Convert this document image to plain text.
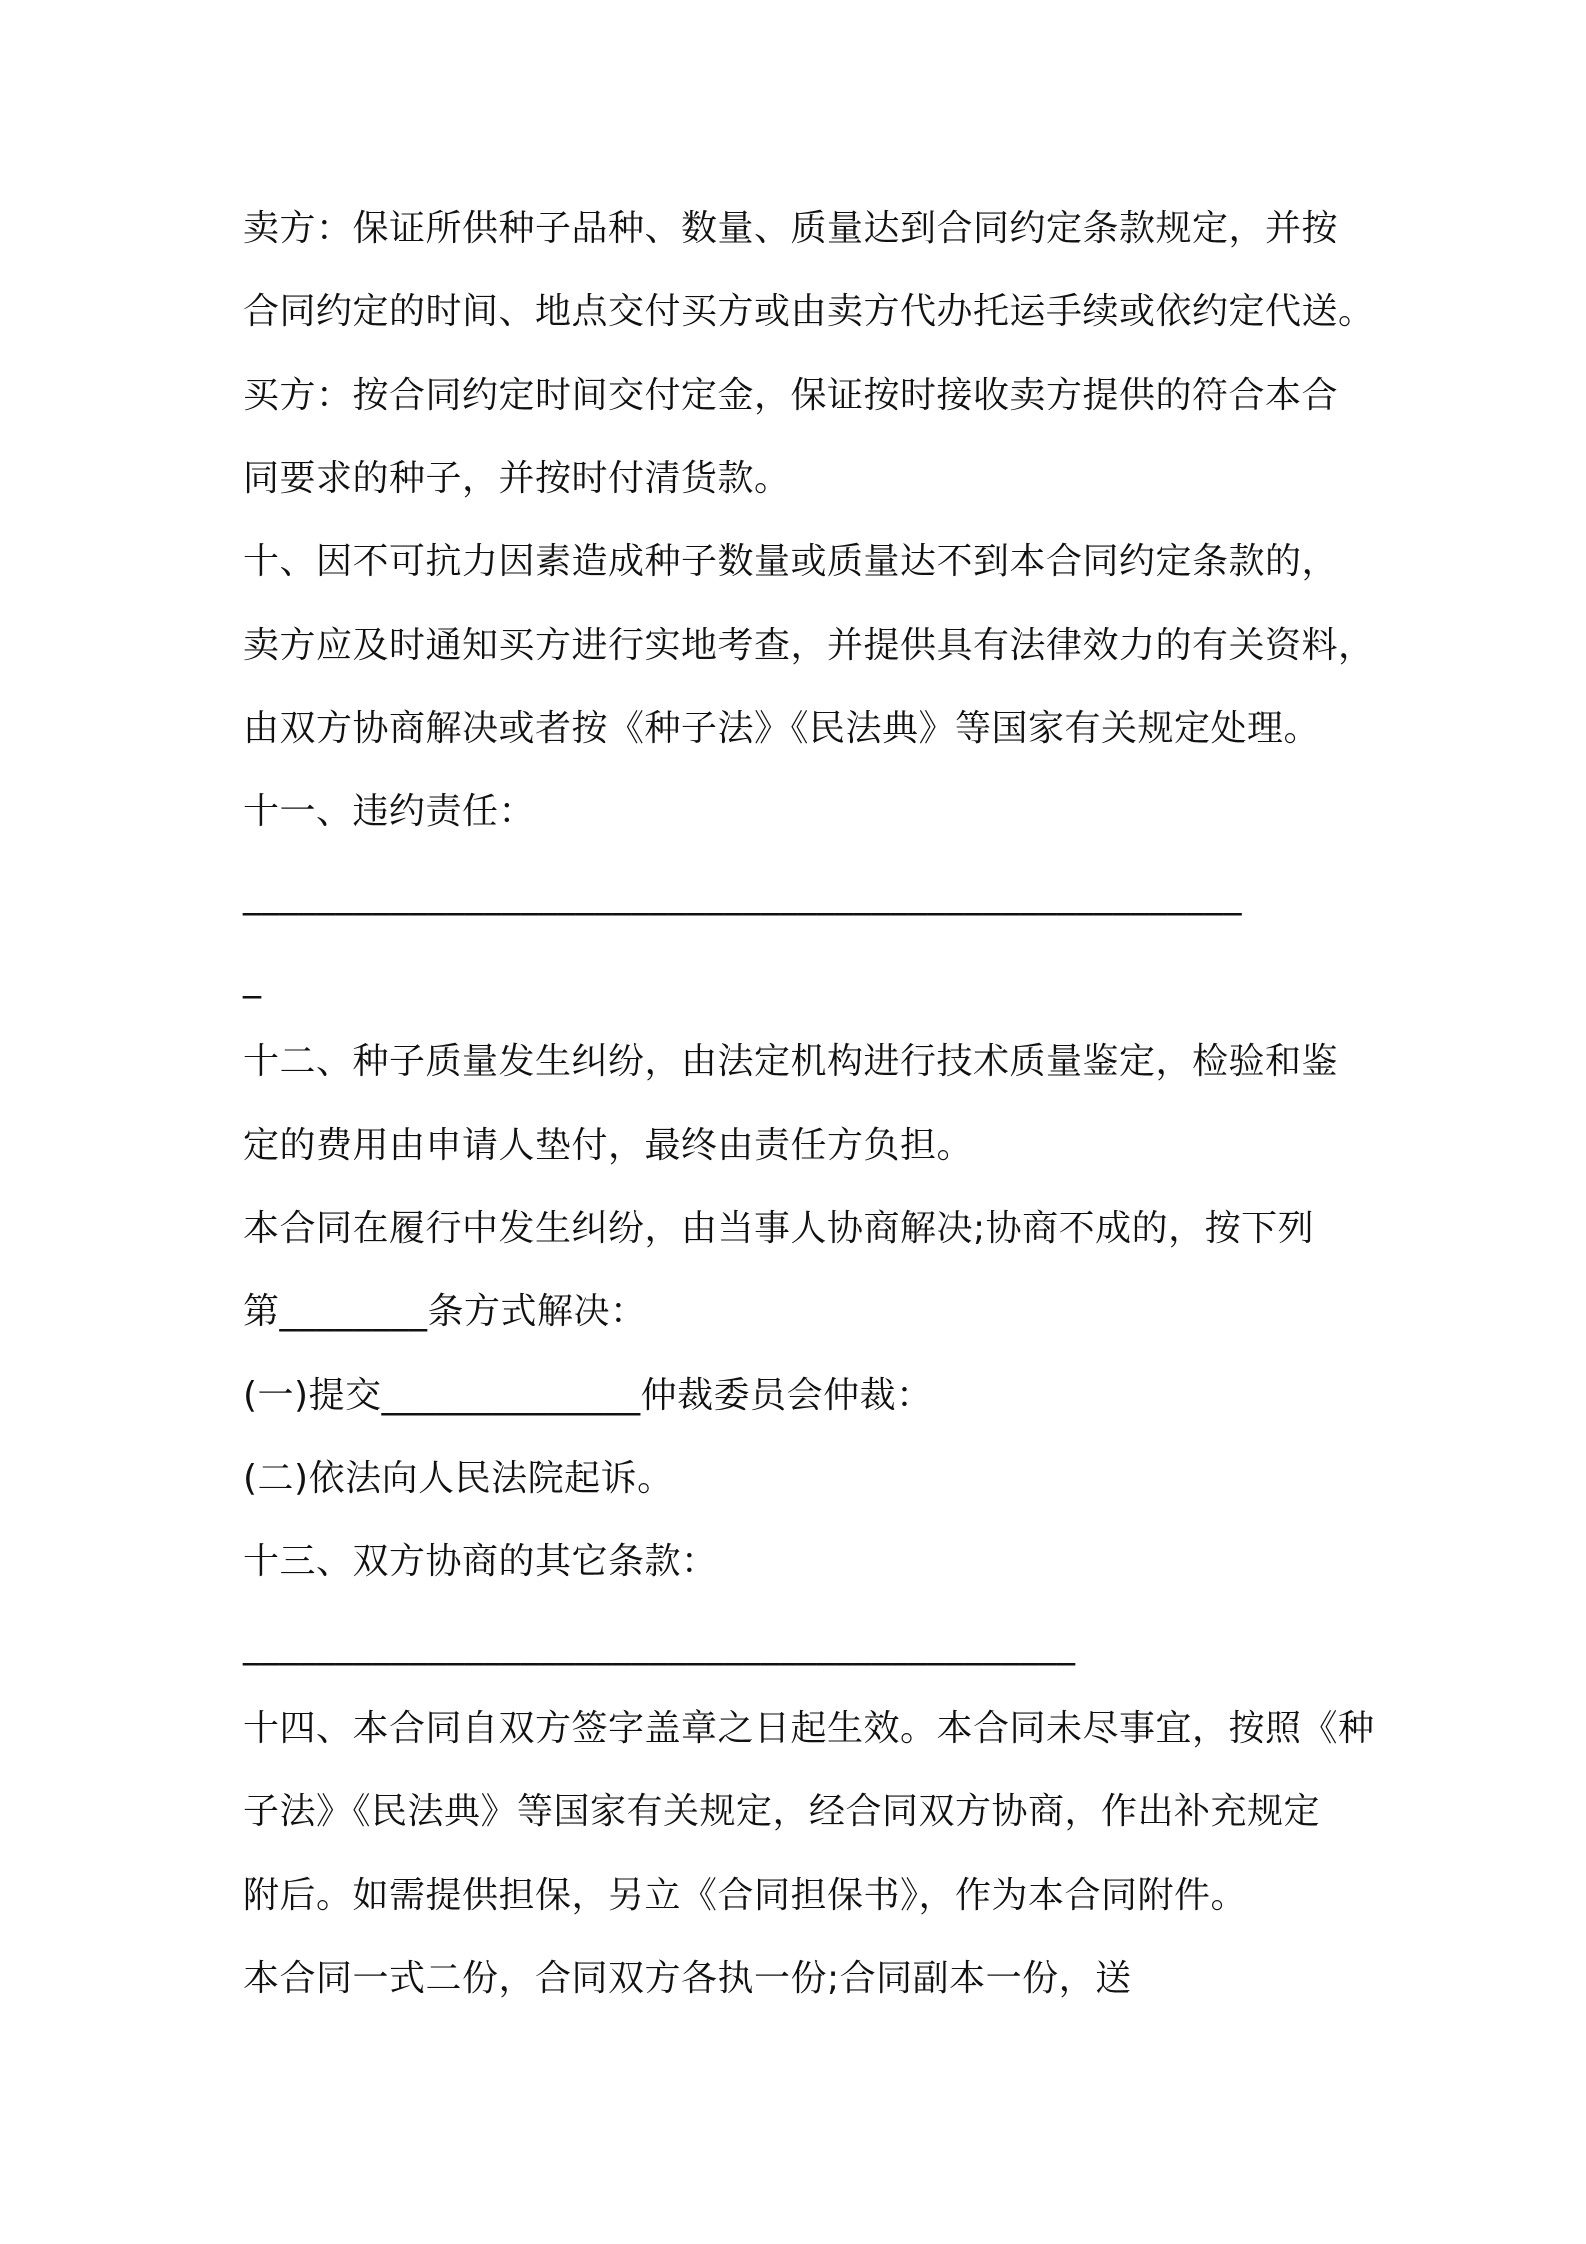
卖方：保证所供种子品种、数量、质量达到合同约定条款规定，并按
合同约定的时间、地点交付买方或由卖方代办托运手续或依约定代送。
买方：按合同约定时间交付定金，保证按时接收卖方提供的符合本合
同要求的种子，并按时付清货款。
十、因不可抗力因素造成种子数量或质量达不到本合同约定条款的，
卖方应及时通知买方进行实地考查，并提供具有法律效力的有关资料，
由双方协商解决或者按《种子法》《民法典》等国家有关规定处理。
十一、违约责任：
______________________________________________________
_
十二、种子质量发生纠纷，由法定机构进行技术质量鉴定，检验和鉴
定的费用由申请人垫付，最终由责任方负担。
本合同在履行中发生纠纷，由当事人协商解决;协商不成的，按下列
第________条方式解决：
(一)提交______________仲裁委员会仲裁：
(二)依法向人民法院起诉。
十三、双方协商的其它条款：
_____________________________________________
十四、本合同自双方签字盖章之日起生效。本合同未尽事宜，按照《种
子法》《民法典》等国家有关规定，经合同双方协商，作出补充规定
附后。如需提供担保，另立《合同担保书》，作为本合同附件。
本合同一式二份，合同双方各执一份;合同副本一份，送
